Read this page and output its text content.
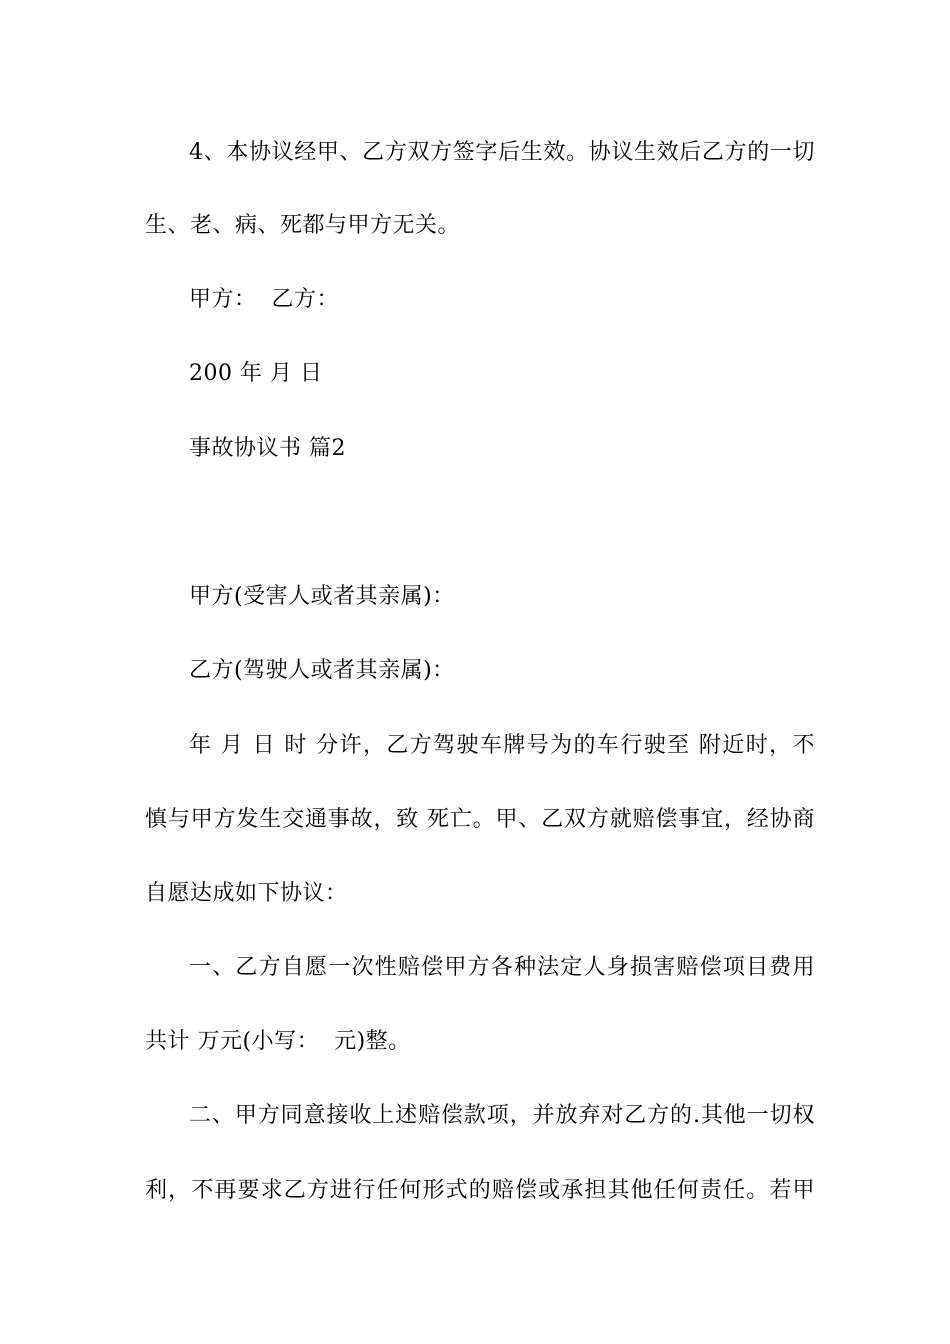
4、本协议经甲、乙方双方签字后生效。协议生效后乙方的一切
生、老、病、死都与甲方无关。
甲方：  乙方：
200 年 月 日
事故协议书 篇2
甲方(受害人或者其亲属)：
乙方(驾驶人或者其亲属)：
年 月 日 时 分许，乙方驾驶车牌号为的车行驶至 附近时，不
慎与甲方发生交通事故，致 死亡。甲、乙双方就赔偿事宜，经协商
自愿达成如下协议：
一、乙方自愿一次性赔偿甲方各种法定人身损害赔偿项目费用
共计 万元(小写：  元)整。
二、甲方同意接收上述赔偿款项，并放弃对乙方的.其他一切权
利，不再要求乙方进行任何形式的赔偿或承担其他任何责任。若甲
